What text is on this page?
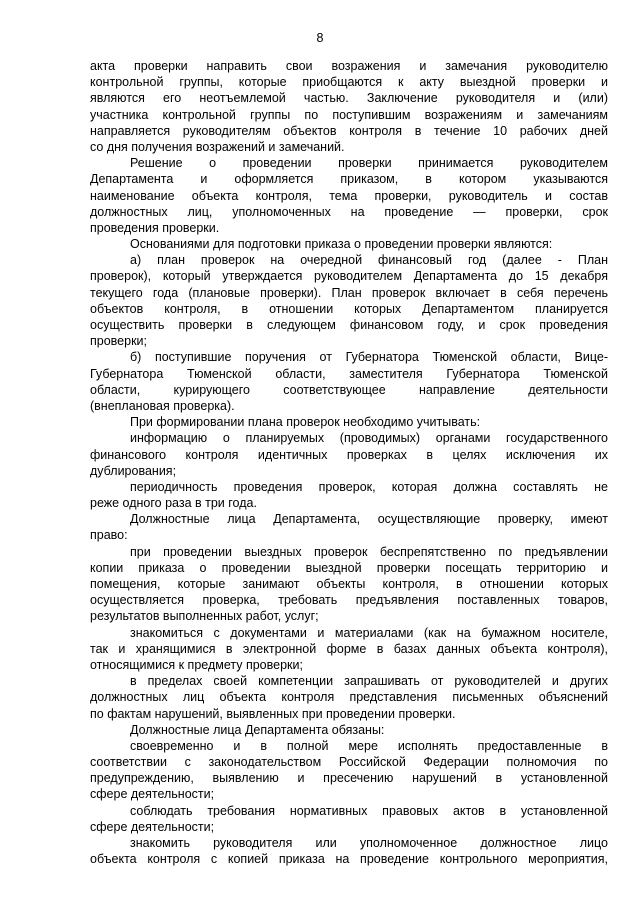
8
акта проверки направить свои возражения и замечания руководителю
контрольной группы, которые приобщаются к акту выездной проверки и
являются его неотъемлемой частью. Заключение руководителя и (или)
участника контрольной группы по поступившим возражениям и замечаниям
направляется руководителям объектов контроля в течение 10 рабочих дней
со дня получения возражений и замечаний.
Решение о проведении проверки принимается руководителем
Департамента и оформляется приказом, в котором указываются
наименование объекта контроля, тема проверки, руководитель и состав
должностных лиц, уполномоченных на проведение — проверки, срок
проведения проверки.
Основаниями для подготовки приказа о проведении проверки являются:
а) план проверок на очередной финансовый год (далее - План
проверок), который утверждается руководителем Департамента до 15 декабря
текущего года (плановые проверки). План проверок включает в себя перечень
объектов контроля, в отношении которых Департаментом планируется
осуществить проверки в следующем финансовом году, и срок проведения
проверки;
б) поступившие поручения от Губернатора Тюменской области, Вице-
Губернатора Тюменской области, заместителя Губернатора Тюменской
области, курирующего соответствующее направление деятельности
(внеплановая проверка).
При формировании плана проверок необходимо учитывать:
информацию о планируемых (проводимых) органами государственного
финансового контроля идентичных проверках в целях исключения их
дублирования;
периодичность проведения проверок, которая должна составлять не
реже одного раза в три года.
Должностные лица Департамента, осуществляющие проверку, имеют
право:
при проведении выездных проверок беспрепятственно по предъявлении
копии приказа о проведении выездной проверки посещать территорию и
помещения, которые занимают объекты контроля, в отношении которых
осуществляется проверка, требовать предъявления поставленных товаров,
результатов выполненных работ, услуг;
знакомиться с документами и материалами (как на бумажном носителе,
так и хранящимися в электронной форме в базах данных объекта контроля),
относящимися к предмету проверки;
в пределах своей компетенции запрашивать от руководителей и других
должностных лиц объекта контроля представления письменных объяснений
по фактам нарушений, выявленных при проведении проверки.
Должностные лица Департамента обязаны:
своевременно и в полной мере исполнять предоставленные в
соответствии с законодательством Российской Федерации полномочия по
предупреждению, выявлению и пресечению нарушений в установленной
сфере деятельности;
соблюдать требования нормативных правовых актов в установленной
сфере деятельности;
знакомить руководителя или уполномоченное должностное лицо
объекта контроля с копией приказа на проведение контрольного мероприятия,
